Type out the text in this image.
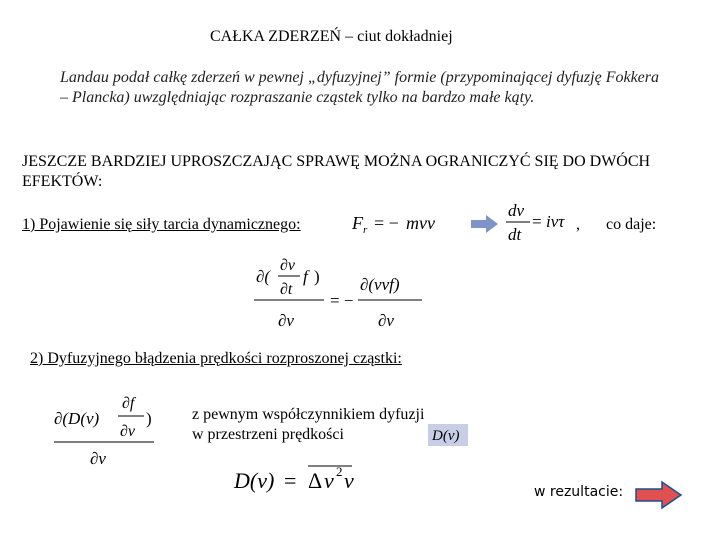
CAŁKA ZDERZEŃ – ciut dokładniej
Landau podał całkę zderzeń w pewnej „dyfuzyjnej” formie (przypominającej dyfuzję Fokkera – Plancka) uwzględniając rozpraszanie cząstek tylko na bardzo małe kąty.
JESZCZE BARDZIEJ UPROSZCZAJĄC SPRAWĘ MOŻNA OGRANICZYĆ SIĘ DO DWÓCH EFEKTÓW:
1) Pojawienie się siły tarcia dynamicznego:	F r = − mνv
dv
dt
= iντ , co daje:
∂(
∂v
∂t
f )
∂v
= −
∂(vνf)
∂v
2) Dyfuzyjnego błądzenia prędkości rozproszonej cząstki:
∂(D(v)
∂f
∂v
)
∂v
z pewnym współczynnikiem dyfuzji w przestrzeni prędkości	D(v)
D(v) = Δ v 2 ν	w rezultacie:
